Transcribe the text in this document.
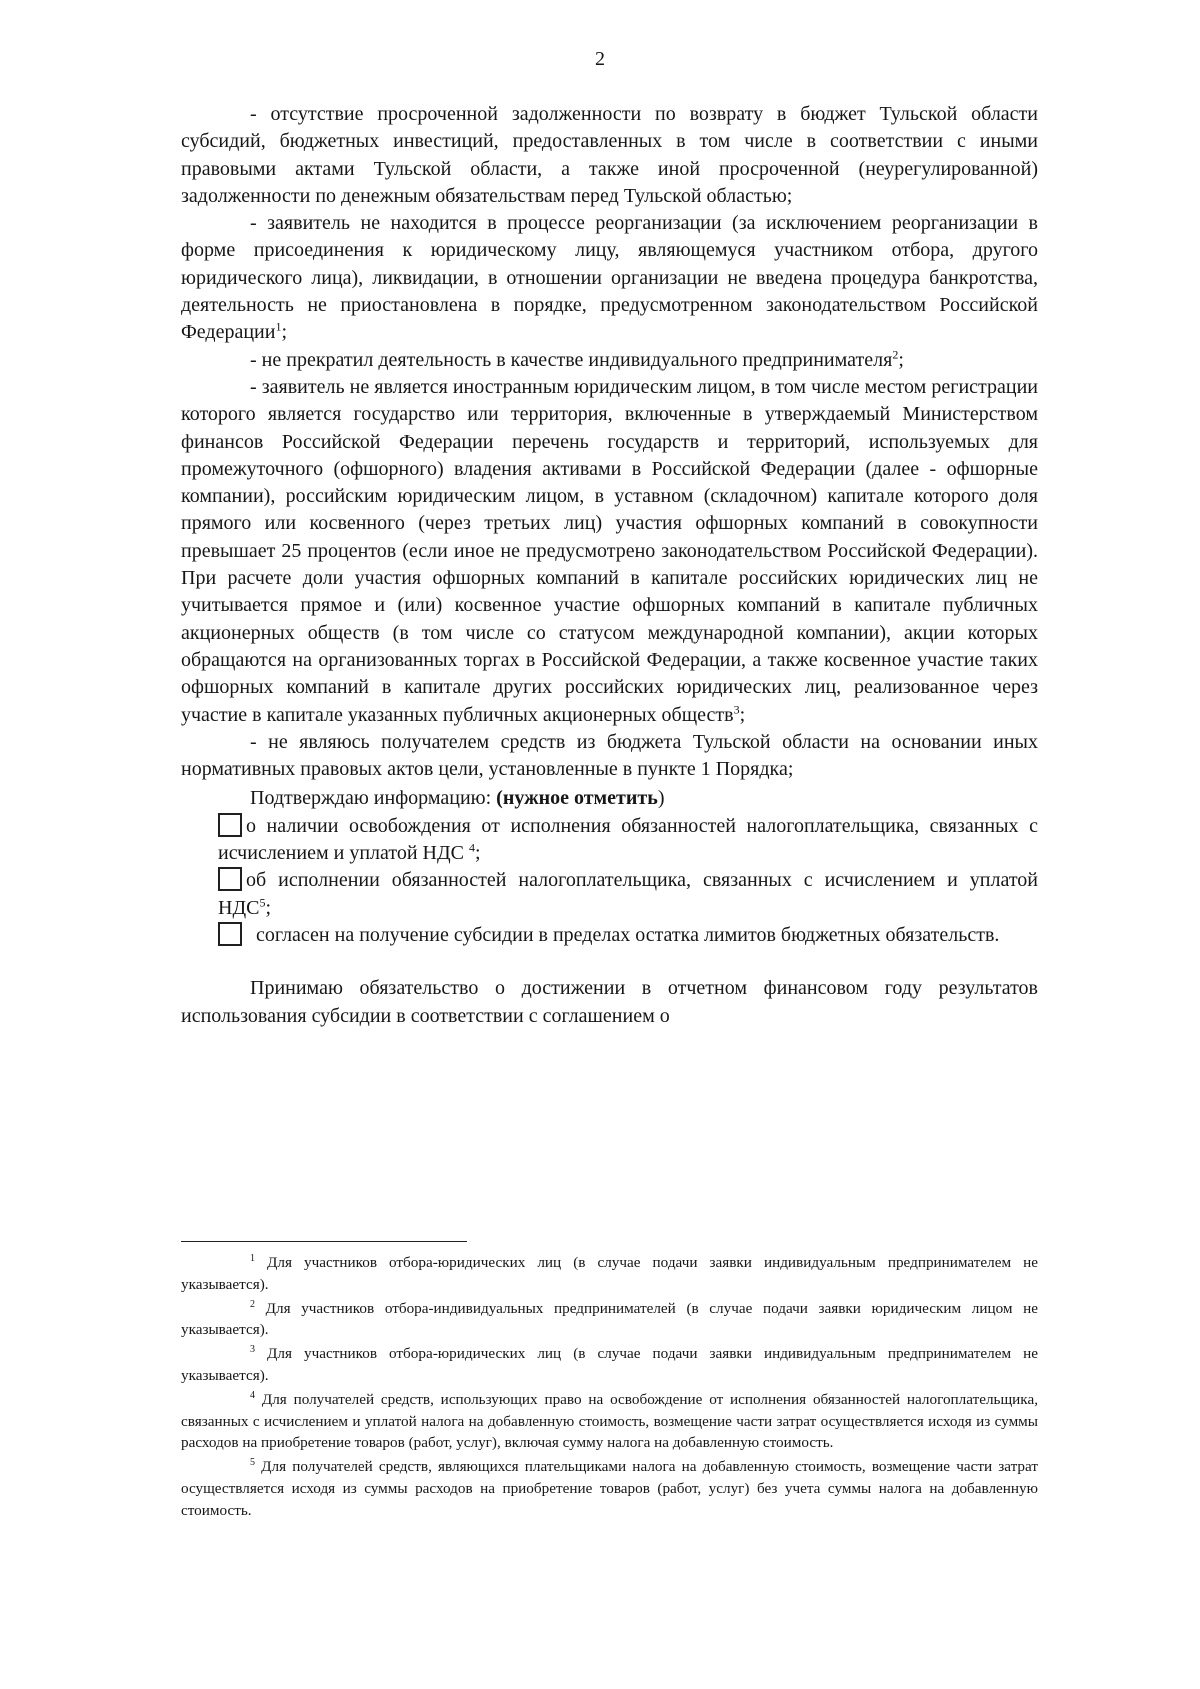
2

- отсутствие просроченной задолженности по возврату в бюджет Тульской области субсидий, бюджетных инвестиций, предоставленных в том числе в соответствии с иными правовыми актами Тульской области, а также иной просроченной (неурегулированной) задолженности по денежным обязательствам перед Тульской областью;

- заявитель не находится в процессе реорганизации (за исключением реорганизации в форме присоединения к юридическому лицу, являющемуся участником отбора, другого юридического лица), ликвидации, в отношении организации не введена процедура банкротства, деятельность не приостановлена в порядке, предусмотренном законодательством Российской Федерации$^1$;

- не прекратил деятельность в качестве индивидуального предпринимателя$^2$;

- заявитель не является иностранным юридическим лицом, в том числе местом регистрации которого является государство или территория, включенные в утверждаемый Министерством финансов Российской Федерации перечень государств и территорий, используемых для промежуточного (офшорного) владения активами в Российской Федерации (далее - офшорные компании), российским юридическим лицом, в уставном (складочном) капитале которого доля прямого или косвенного (через третьих лиц) участия офшорных компаний в совокупности превышает 25 процентов (если иное не предусмотрено законодательством Российской Федерации). При расчете доли участия офшорных компаний в капитале российских юридических лиц не учитывается прямое и (или) косвенное участие офшорных компаний в капитале публичных акционерных обществ (в том числе со статусом международной компании), акции которых обращаются на организованных торгах в Российской Федерации, а также косвенное участие таких офшорных компаний в капитале других российских юридических лиц, реализованное через участие в капитале указанных публичных акционерных обществ$^3$;

- не являюсь получателем средств из бюджета Тульской области на основании иных нормативных правовых актов цели, установленные в пункте 1 Порядка;

Подтверждаю информацию: (нужное отметить)

о наличии освобождения от исполнения обязанностей налогоплательщика, связанных с исчислением и уплатой НДС $^4$;

об исполнении обязанностей налогоплательщика, связанных с исчислением и уплатой НДС$^5$;

согласен на получение субсидии в пределах остатка лимитов бюджетных обязательств.

Принимаю обязательство о достижении в отчетном финансовом году результатов использования субсидии в соответствии с соглашением о

$^1$ Для участников отбора-юридических лиц (в случае подачи заявки индивидуальным предпринимателем не указывается).

$^2$ Для участников отбора-индивидуальных предпринимателей (в случае подачи заявки юридическим лицом не указывается).

$^3$ Для участников отбора-юридических лиц (в случае подачи заявки индивидуальным предпринимателем не указывается).

$^4$ Для получателей средств, использующих право на освобождение от исполнения обязанностей налогоплательщика, связанных с исчислением и уплатой налога на добавленную стоимость, возмещение части затрат осуществляется исходя из суммы расходов на приобретение товаров (работ, услуг), включая сумму налога на добавленную стоимость.

$^5$ Для получателей средств, являющихся плательщиками налога на добавленную стоимость, возмещение части затрат осуществляется исходя из суммы расходов на приобретение товаров (работ, услуг) без учета суммы налога на добавленную стоимость.
